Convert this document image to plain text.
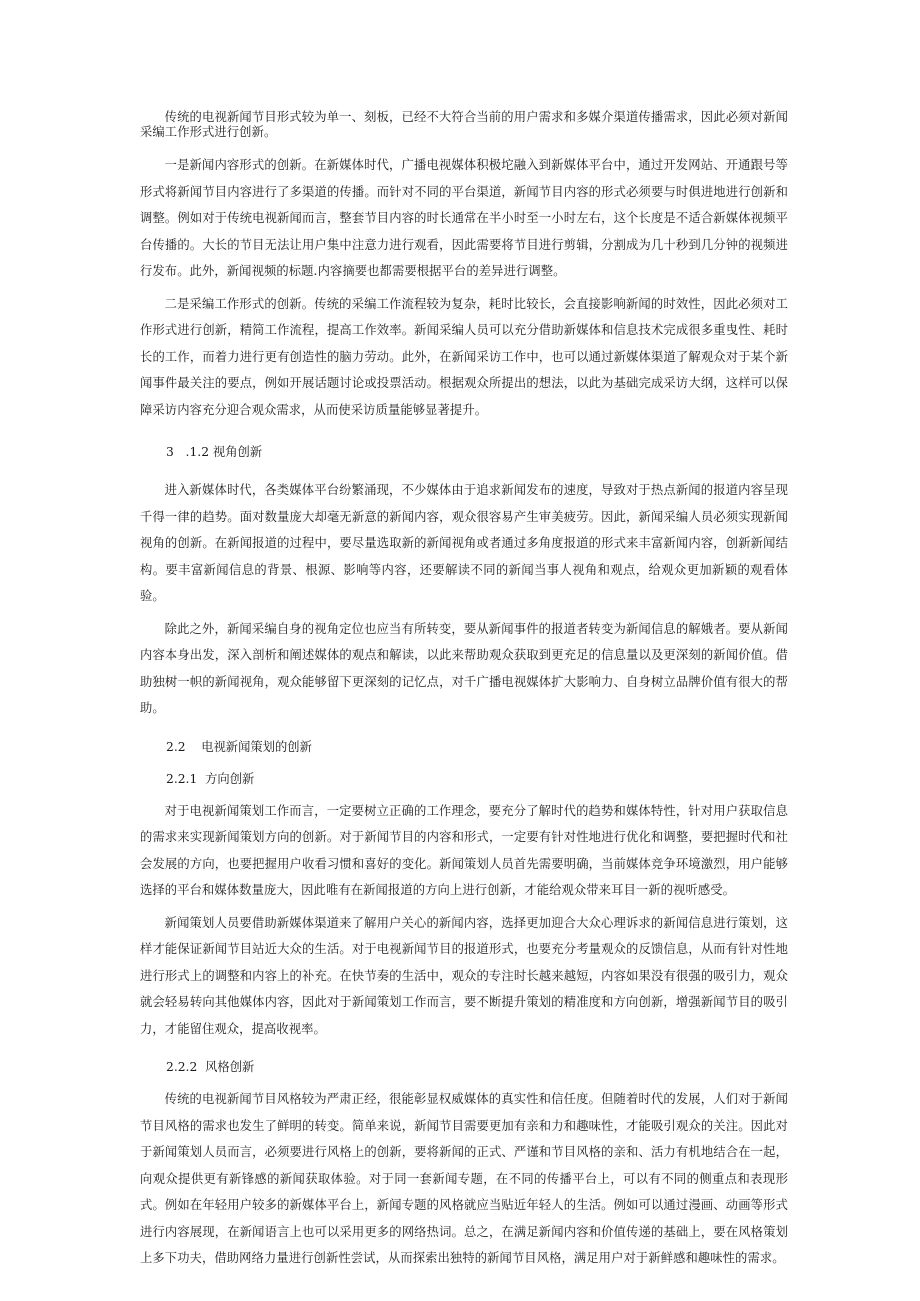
传统的电视新闻节目形式较为单一、刻板，已经不大符合当前的用户需求和多媒介渠道传播需求，因此必须对新闻采编工作形式进行创新。

一是新闻内容形式的创新。在新媒体时代，广播电视媒体积极坨融入到新媒体平台中，通过开发网站、开通跟号等形式将新闻节目内容进行了多渠道的传播。而针对不同的平台渠道，新闻节目内容的形式必须要与时俱进地进行创新和调整。例如对于传统电视新闻而言，整套节目内容的时长通常在半小时至一小时左右，这个长度是不适合新媒体视频平台传播的。大长的节目无法让用户集中注意力进行观看，因此需要将节目进行剪辑，分割成为几十秒到几分钟的视频进行发布。此外，新闻视频的标题.内容摘要也都需要根据平台的差异进行调整。

二是采编工作形式的创新。传统的采编工作流程较为复杂，耗时比较长，会直接影响新闻的时效性，因此必须对工作形式进行创新，精简工作流程，提高工作效率。新闻采编人员可以充分借助新媒体和信息技术完成很多重曳性、耗时长的工作，而着力进行更有创造性的脑力劳动。此外，在新闻采访工作中，也可以通过新媒体渠道了解观众对于某个新闻事件最关注的要点，例如开展话题讨论或投票活动。根据观众所提出的想法，以此为基础完成采访大纲，这样可以保障采访内容充分迎合观众需求，从而使采访质量能够显著提升。

3   .1.2 视角创新

进入新媒体时代，各类媒体平台纷繁涌现，不少媒体由于追求新闻发布的速度，导致对于热点新闻的报道内容呈现千得一律的趋势。面对数量庞大却毫无新意的新闻内容，观众很容易产生审美疲劳。因此，新闻采编人员必须实现新闻视角的创新。在新闻报道的过程中，要尽量选取新的新闻视角或者通过多角度报道的形式来丰富新闻内容，创新新闻结构。要丰富新闻信息的背景、根源、影响等内容，还要解读不同的新闻当事人视角和观点，给观众更加新颖的观看体验。

除此之外，新闻采编自身的视角定位也应当有所转变，要从新闻事件的报道者转变为新闻信息的解娥者。要从新闻内容本身出发，深入剖析和阐述媒体的观点和解读，以此来帮助观众获取到更充足的信息量以及更深刻的新闻价值。借助独树一帜的新闻视角，观众能够留下更深刻的记忆点，对千广播电视媒体扩大影响力、自身树立品牌价值有很大的帮助。

2.2    电视新闻策划的创新

2.2.1  方向创新

对于电视新闻策划工作而言，一定要树立正确的工作理念，要充分了解时代的趋势和媒体特性，针对用户获取信息的需求来实现新闻策划方向的创新。对于新闻节目的内容和形式，一定要有针对性地进行优化和调整，要把握时代和社会发展的方向，也要把握用户收看习惯和喜好的变化。新闻策划人员首先需要明确，当前媒体竞争环境激烈，用户能够选择的平台和媒体数量庞大，因此唯有在新闻报道的方向上进行创新，才能给观众带来耳目一新的视听感受。

新闻策划人员要借助新媒体渠道来了解用户关心的新闻内容，选择更加迎合大众心理诉求的新闻信息进行策划，这样才能保证新闻节目站近大众的生活。对于电视新闻节目的报道形式，也要充分考量观众的反馈信息，从而有针对性地进行形式上的调整和内容上的补充。在快节奏的生活中，观众的专注时长越来越短，内容如果没有很强的吸引力，观众就会轻易转向其他媒体内容，因此对于新闻策划工作而言，要不断提升策划的精准度和方向创新，增强新闻节目的吸引力，才能留住观众，提高收视率。

2.2.2  风格创新

传统的电视新闻节目风格较为严肃正经，很能彰显权威媒体的真实性和信任度。但随着时代的发展，人们对于新闻节目风格的需求也发生了鲜明的转变。简单来说，新闻节目需要更加有亲和力和趣味性，才能吸引观众的关注。因此对于新闻策划人员而言，必须要进行风格上的创新，要将新闻的正式、严谨和节目风格的亲和、活力有机地结合在一起，向观众提供更有新锋感的新闻获取体验。对于同一套新闻专题，在不同的传播平台上，可以有不同的侧重点和表现形式。例如在年轻用户较多的新媒体平台上，新闻专题的风格就应当贴近年轻人的生活。例如可以通过漫画、动画等形式进行内容展现，在新闻语言上也可以采用更多的网络热词。总之，在满足新闻内容和价值传递的基础上，要在风格策划上多下功夫，借助网络力量进行创新性尝试，从而探索出独特的新闻节目风格，满足用户对于新鲜感和趣味性的需求。
